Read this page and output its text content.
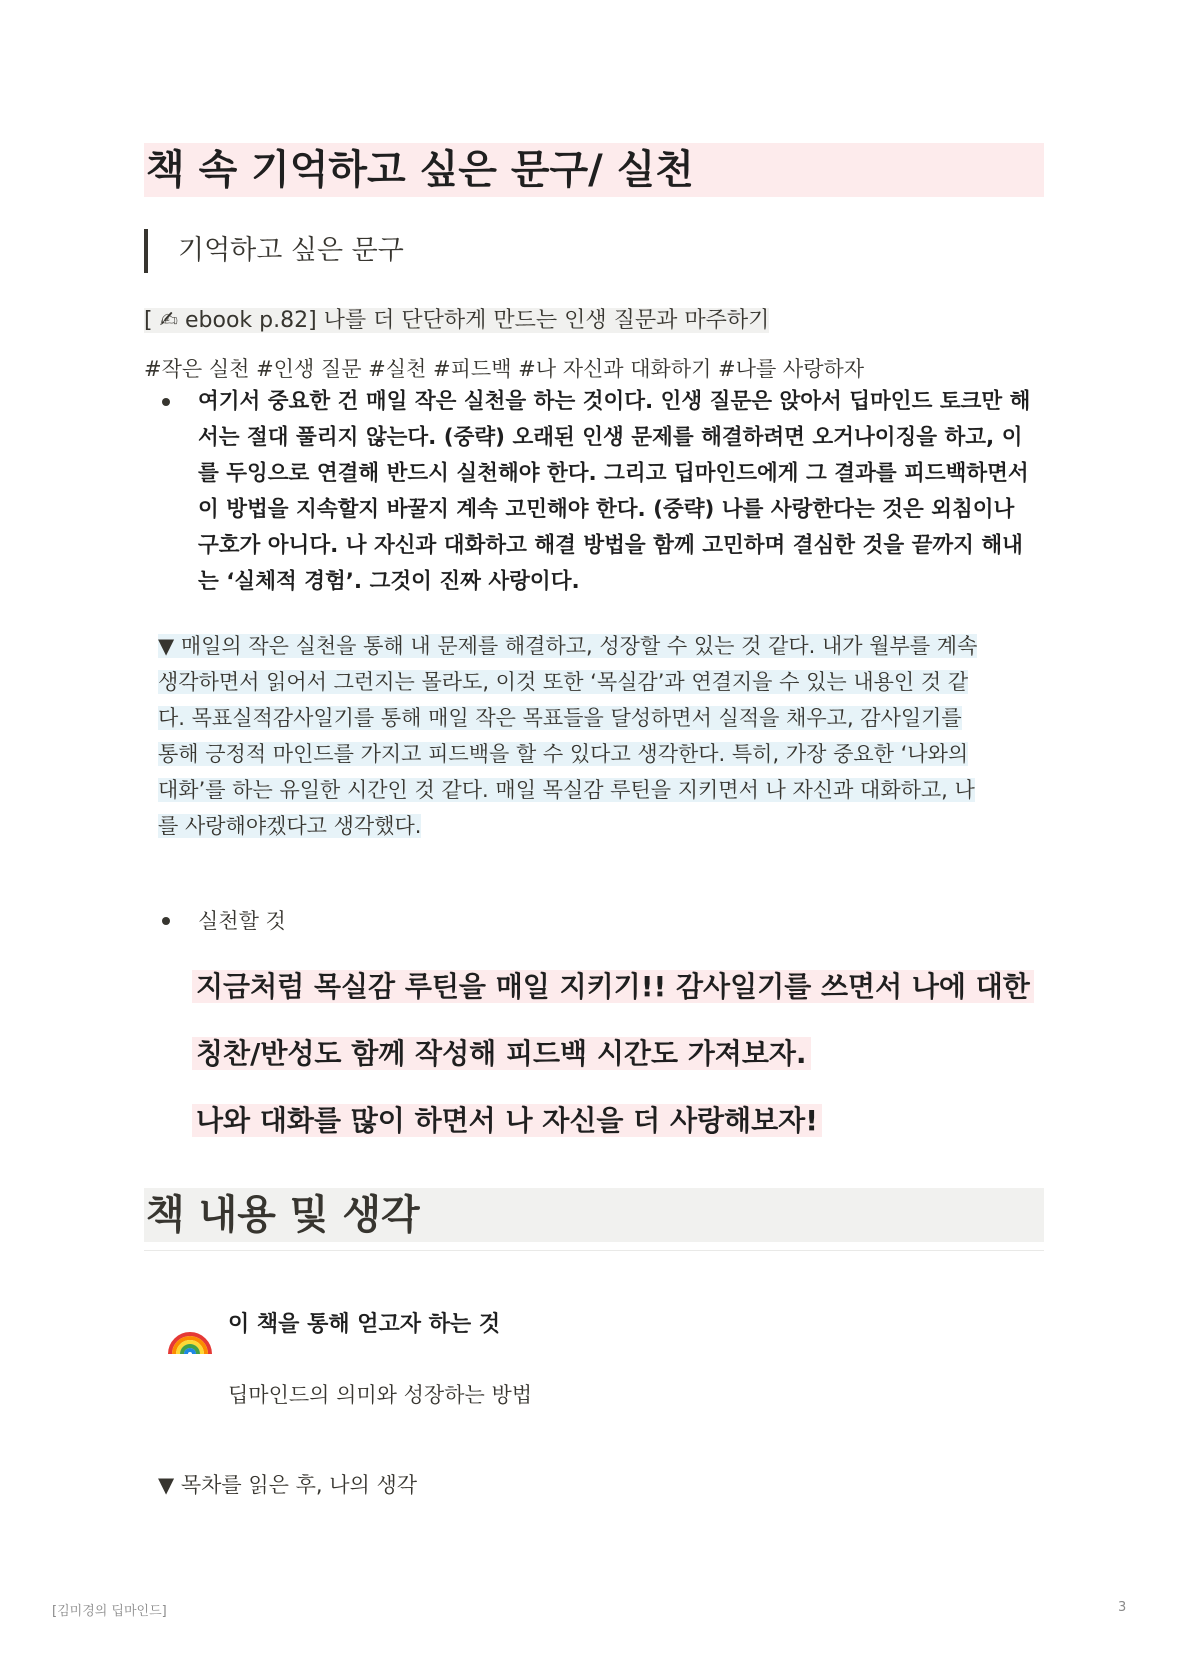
책 속 기억하고 싶은 문구/ 실천
기억하고 싶은 문구
[ ✍ ebook p.82] 나를 더 단단하게 만드는 인생 질문과 마주하기
#작은 실천 #인생 질문 #실천 #피드백 #나 자신과 대화하기 #나를 사랑하자
여기서 중요한 건 매일 작은 실천을 하는 것이다. 인생 질문은 앉아서 딥마인드 토크만 해
서는 절대 풀리지 않는다. (중략) 오래된 인생 문제를 해결하려면 오거나이징을 하고, 이
를 두잉으로 연결해 반드시 실천해야 한다. 그리고 딥마인드에게 그 결과를 피드백하면서
이 방법을 지속할지 바꿀지 계속 고민해야 한다. (중략) 나를 사랑한다는 것은 외침이나
구호가 아니다. 나 자신과 대화하고 해결 방법을 함께 고민하며 결심한 것을 끝까지 해내
는 ‘실체적 경험’. 그것이 진짜 사랑이다.
▼ 매일의 작은 실천을 통해 내 문제를 해결하고, 성장할 수 있는 것 같다. 내가 월부를 계속
생각하면서 읽어서 그런지는 몰라도, 이것 또한 ‘목실감’과 연결지을 수 있는 내용인 것 같
다. 목표실적감사일기를 통해 매일 작은 목표들을 달성하면서 실적을 채우고, 감사일기를
통해 긍정적 마인드를 가지고 피드백을 할 수 있다고 생각한다. 특히, 가장 중요한 ‘나와의
대화’를 하는 유일한 시간인 것 같다. 매일 목실감 루틴을 지키면서 나 자신과 대화하고, 나
를 사랑해야겠다고 생각했다.
실천할 것
지금처럼 목실감 루틴을 매일 지키기!! 감사일기를 쓰면서 나에 대한
칭찬/반성도 함께 작성해 피드백 시간도 가져보자.
나와 대화를 많이 하면서 나 자신을 더 사랑해보자!
책 내용 및 생각
이 책을 통해 얻고자 하는 것
딥마인드의 의미와 성장하는 방법
▼ 목차를 읽은 후, 나의 생각
[김미경의 딥마인드]	3
